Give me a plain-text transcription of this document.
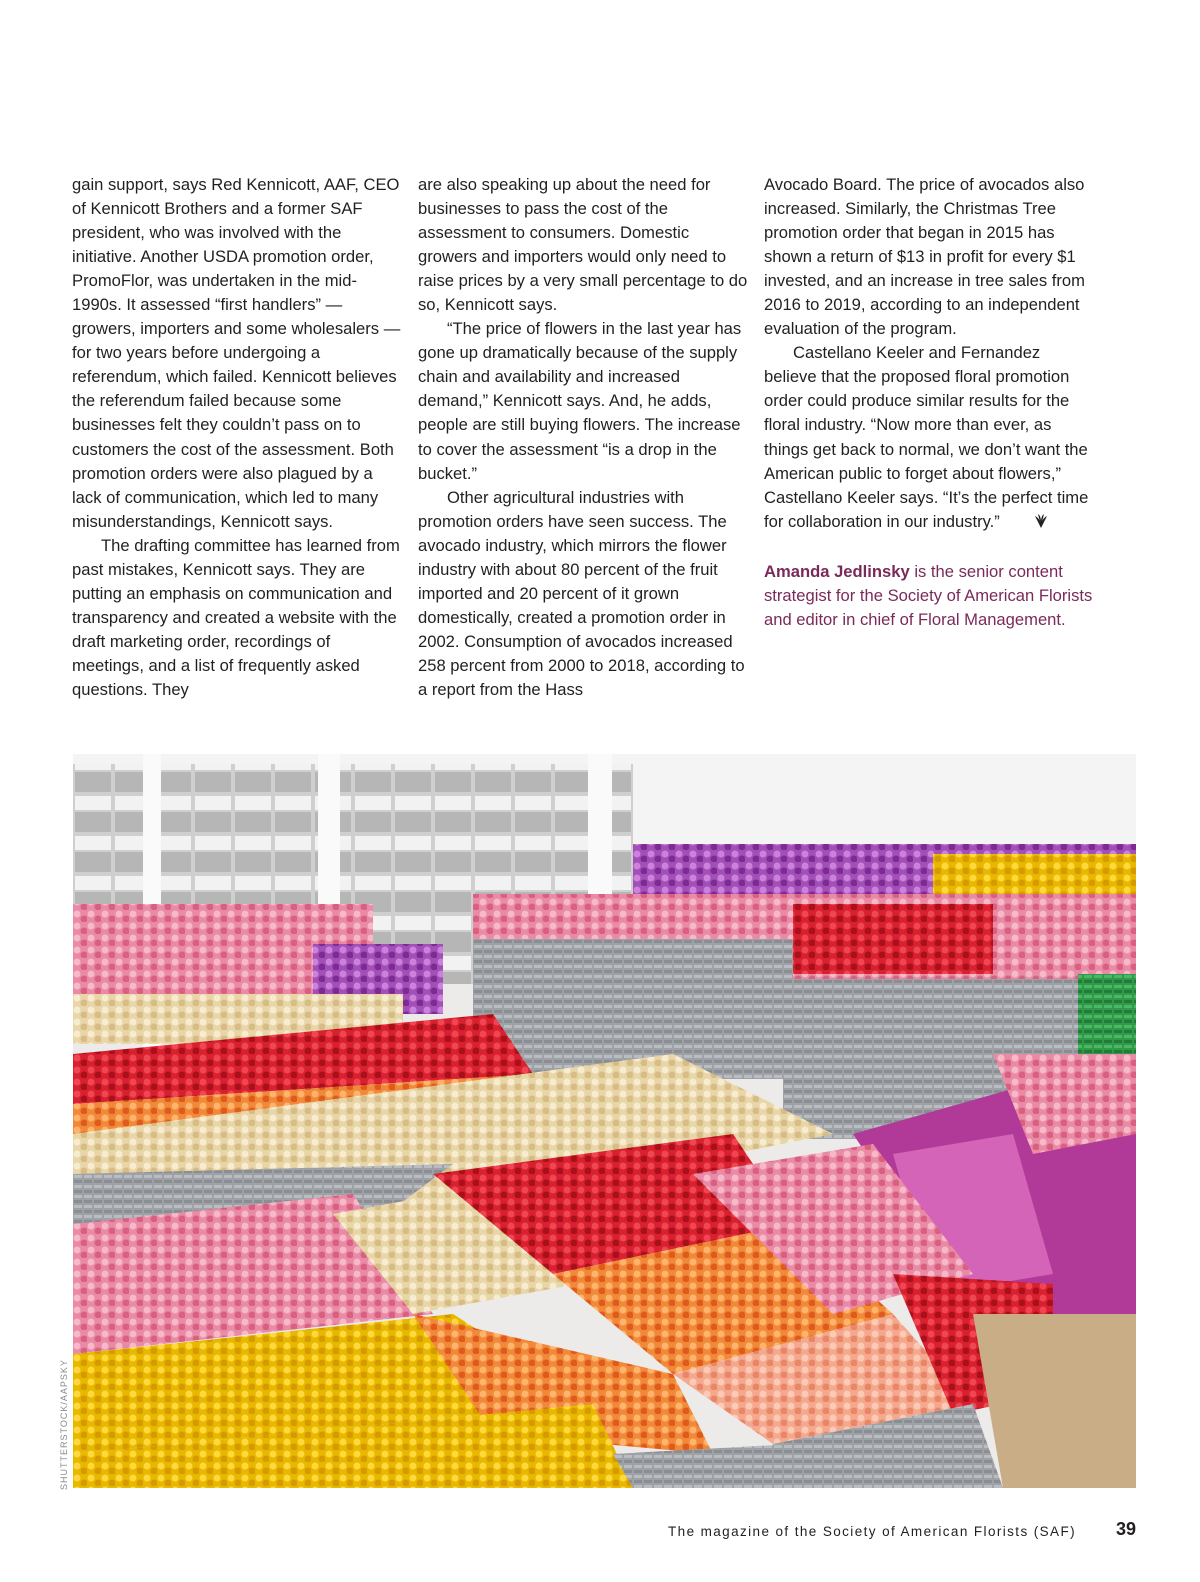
gain support, says Red Kennicott, AAF, CEO of Kennicott Brothers and a former SAF president, who was involved with the initiative. Another USDA promotion order, PromoFlor, was undertaken in the mid-1990s. It assessed “first handlers” — growers, importers and some wholesalers — for two years before undergoing a referendum, which failed. Kennicott believes the referendum failed because some businesses felt they couldn’t pass on to customers the cost of the assessment. Both promotion orders were also plagued by a lack of communication, which led to many misunderstandings, Kennicott says.

The drafting committee has learned from past mistakes, Kennicott says. They are putting an emphasis on communication and transparency and created a website with the draft marketing order, recordings of meetings, and a list of frequently asked questions. They

are also speaking up about the need for businesses to pass the cost of the assessment to consumers. Domestic growers and importers would only need to raise prices by a very small percentage to do so, Kennicott says.

“The price of flowers in the last year has gone up dramatically because of the supply chain and availability and increased demand,” Kennicott says. And, he adds, people are still buying flowers. The increase to cover the assessment “is a drop in the bucket.”

Other agricultural industries with promotion orders have seen success. The avocado industry, which mirrors the flower industry with about 80 percent of the fruit imported and 20 percent of it grown domestically, created a promotion order in 2002. Consumption of avocados increased 258 percent from 2000 to 2018, according to a report from the Hass

Avocado Board. The price of avocados also increased. Similarly, the Christmas Tree promotion order that began in 2015 has shown a return of $13 in profit for every $1 invested, and an increase in tree sales from 2016 to 2019, according to an independent evaluation of the program.

Castellano Keeler and Fernandez believe that the proposed floral promotion order could produce similar results for the floral industry. “Now more than ever, as things get back to normal, we don’t want the American public to forget about flowers,” Castellano Keeler says. “It’s the perfect time for collaboration in our industry.”

Amanda Jedlinsky is the senior content strategist for the Society of American Florists and editor in chief of Floral Management.

SHUTTERSTOCK/AAPSKY
The magazine of the Society of American Florists (SAF) 39
